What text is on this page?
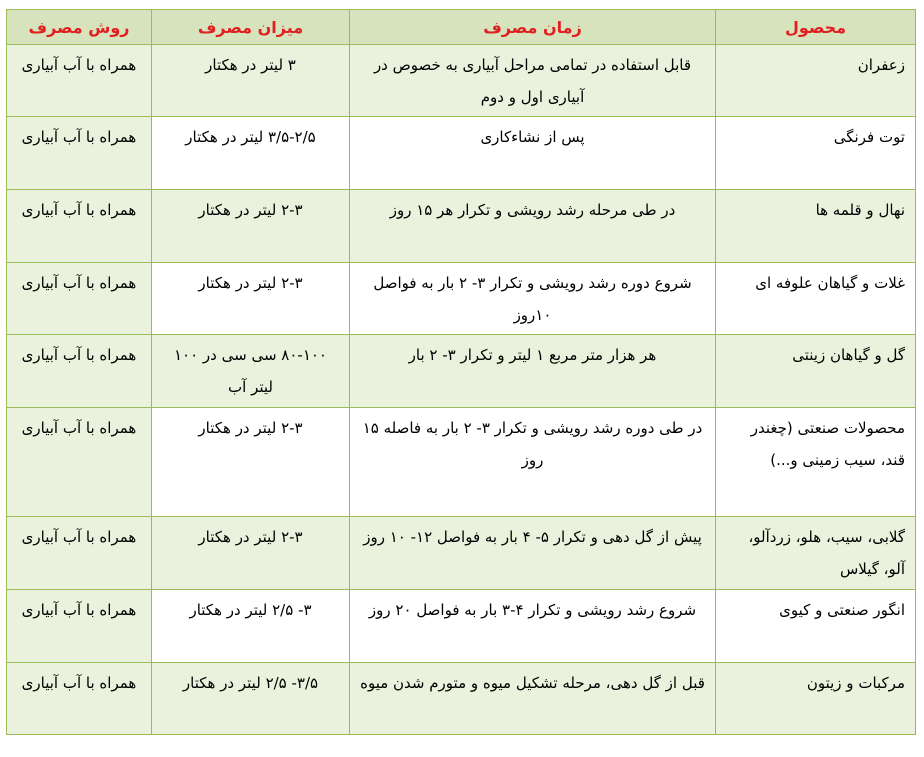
محصول	زمان مصرف	میزان مصرف	روش مصرف
زعفران	قابل استفاده در تمامی مراحل آبیاری به خصوص در آبیاری اول و دوم	۳ لیتر در هکتار	همراه با آب آبیاری
توت فرنگی	پس از نشاءکاری	۳/۵-۲/۵ لیتر در هکتار	همراه با آب آبیاری
نهال و قلمه ها	در طی مرحله رشد رویشی و تکرار هر ۱۵ روز	۲-۳ لیتر در هکتار	همراه با آب آبیاری
غلات و گیاهان علوفه ای	شروع دوره رشد رویشی و تکرار ۳- ۲ بار به فواصل ۱۰روز	۲-۳ لیتر در هکتار	همراه با آب آبیاری
گل و گیاهان زینتی	هر هزار متر مربع ۱ لیتر و تکرار ۳- ۲ بار	۸۰-۱۰۰ سی سی در ۱۰۰ لیتر آب	همراه با آب آبیاری
محصولات صنعتی (چغندر قند، سیب زمینی و...)	در طی دوره رشد رویشی و تکرار ۳- ۲ بار به فاصله ۱۵ روز	۲-۳ لیتر در هکتار	همراه با آب آبیاری
گلابی، سیب، هلو، زردآلو، آلو، گیلاس	پیش از گل دهی و تکرار ۵- ۴ بار به فواصل ۱۲- ۱۰ روز	۲-۳ لیتر در هکتار	همراه با آب آبیاری
انگور صنعتی و کیوی	شروع رشد رویشی و تکرار ۴-۳ بار به فواصل ۲۰ روز	۳- ۲/۵ لیتر در هکتار	همراه با آب آبیاری
مرکبات و زیتون	قبل از گل دهی، مرحله تشکیل میوه و متورم شدن میوه	۳/۵- ۲/۵ لیتر در هکتار	همراه با آب آبیاری
